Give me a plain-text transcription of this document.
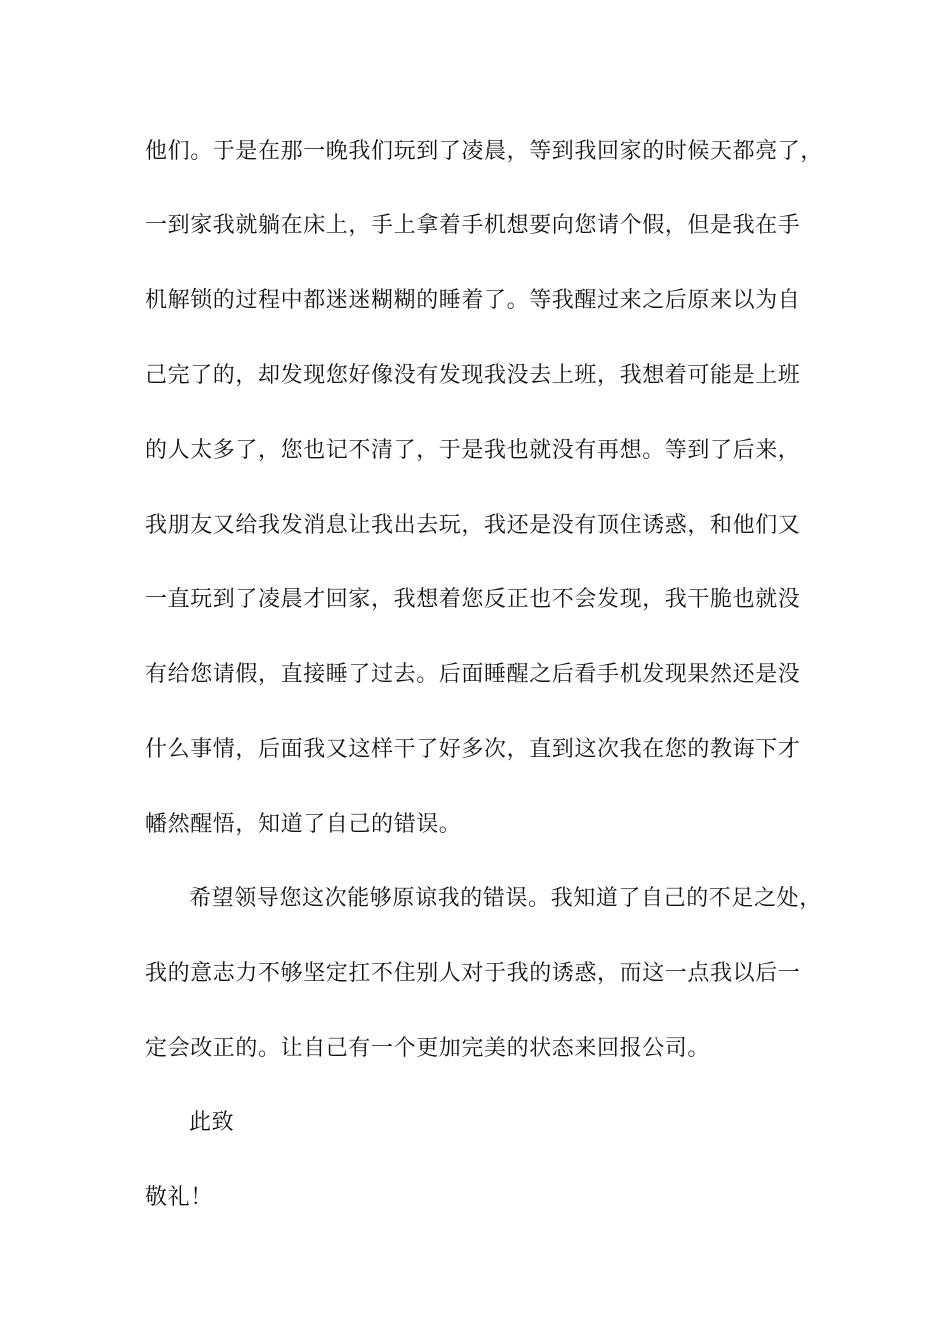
他们。于是在那一晚我们玩到了凌晨，等到我回家的时候天都亮了，
一到家我就躺在床上，手上拿着手机想要向您请个假，但是我在手
机解锁的过程中都迷迷糊糊的睡着了。等我醒过来之后原来以为自
己完了的，却发现您好像没有发现我没去上班，我想着可能是上班
的人太多了，您也记不清了，于是我也就没有再想。等到了后来，
我朋友又给我发消息让我出去玩，我还是没有顶住诱惑，和他们又
一直玩到了凌晨才回家，我想着您反正也不会发现，我干脆也就没
有给您请假，直接睡了过去。后面睡醒之后看手机发现果然还是没
什么事情，后面我又这样干了好多次，直到这次我在您的教诲下才
幡然醒悟，知道了自己的错误。
希望领导您这次能够原谅我的错误。我知道了自己的不足之处，
我的意志力不够坚定扛不住别人对于我的诱惑，而这一点我以后一
定会改正的。让自己有一个更加完美的状态来回报公司。
此致
敬礼！
